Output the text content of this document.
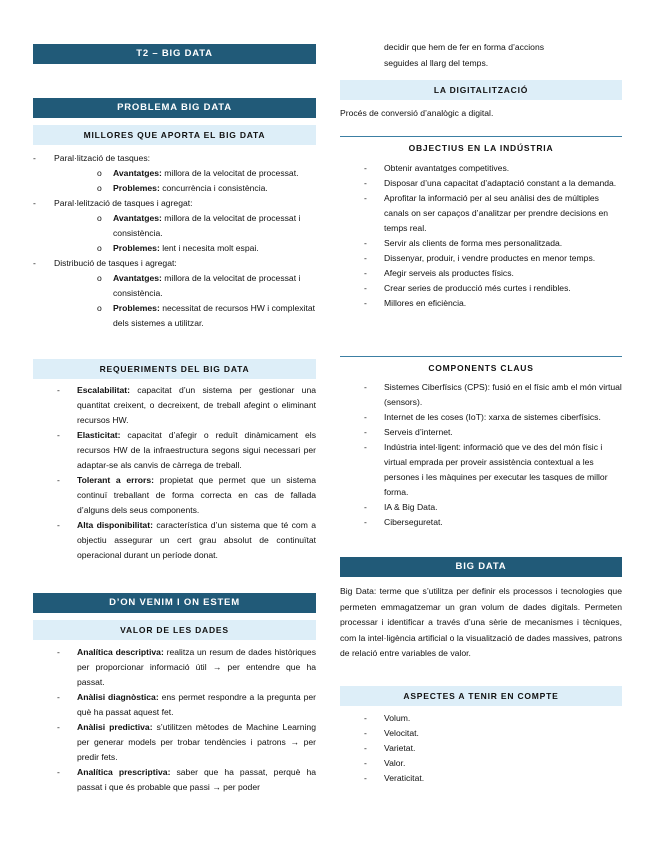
T2 – BIG DATA
PROBLEMA BIG DATA
MILLORES QUE APORTA EL BIG DATA
-	Paral·lització de tasques:
o Avantatges: millora de la velocitat de processat.
o Problemes: concurrència i consistència.
-	Paral·lelització de tasques i agregat:
o Avantatges: millora de la velocitat de processat i consistència.
o Problemes: lent i necesita molt espai.
-	Distribució de tasques i agregat:
o Avantatges: millora de la velocitat de processat i consistència.
o Problemes: necessitat de recursos HW i complexitat dels sistemes a utilitzar.
REQUERIMENTS DEL BIG DATA
- Escalabilitat: capacitat d’un sistema per gestionar una quantitat creixent, o decreixent, de treball afegint o eliminant recursos HW.
- Elasticitat: capacitat d’afegir o reduït dinàmicament els recursos HW de la infraestructura segons sigui necessari per adaptar-se als canvis de càrrega de treball.
- Tolerant a errors: propietat que permet que un sistema continuï treballant de forma correcta en cas de fallada d’alguns dels seus components.
- Alta disponibilitat: característica d’un sistema que té com a objectiu assegurar un cert grau absolut de continuïtat operacional durant un període donat.
D’ON VENIM I ON ESTEM
VALOR DE LES DADES
- Analítica descriptiva: realitza un resum de dades històriques per proporcionar informació útil → per entendre que ha passat.
- Anàlisi diagnòstica: ens permet respondre a la pregunta per què ha passat aquest fet.
- Anàlisi predictiva: s’utilitzen mètodes de Machine Learning per generar models per trobar tendències i patrons → per predir fets.
- Analítica prescriptiva: saber que ha passat, perquè ha passat i que és probable que passi → per poder

decidir que hem de fer en forma d’accions seguides al llarg del temps.

LA DIGITALITZACIÓ

Procés de conversió d’analògic a digital.

OBJECTIUS EN LA INDÚSTRIA
- Obtenir avantatges competitives.
- Disposar d’una capacitat d’adaptació constant a la demanda.
- Aprofitar la informació per al seu anàlisi des de múltiples canals on ser capaços d’analitzar per prendre decisions en temps real.
- Servir als clients de forma mes personalitzada.
- Dissenyar, produir, i vendre productes en menor temps.
- Afegir serveis als productes físics.
- Crear series de producció més curtes i rendibles.
- Millores en eficiència.
COMPONENTS CLAUS
- Sistemes Ciberfísics (CPS): fusió en el físic amb el món virtual (sensors).
- Internet de les coses (IoT): xarxa de sistemes ciberfísics.
- Serveis d’internet.
- Indústria intel·ligent: informació que ve des del món físic i virtual emprada per proveir assistència contextual a les persones i les màquines per executar les tasques de millor forma.
- IA & Big Data.
- Ciberseguretat.
BIG DATA

Big Data: terme que s’utilitza per definir els processos i tecnologies que permeten emmagatzemar un gran volum de dades digitals. Permeten processar i identificar a través d’una sèrie de mecanismes i tècniques, com la intel·ligència artificial o la visualització de dades massives, patrons de relació entre variables de valor.

ASPECTES A TENIR EN COMPTE
- Volum.
- Velocitat.
- Varietat.
- Valor.
- Veraticitat.
